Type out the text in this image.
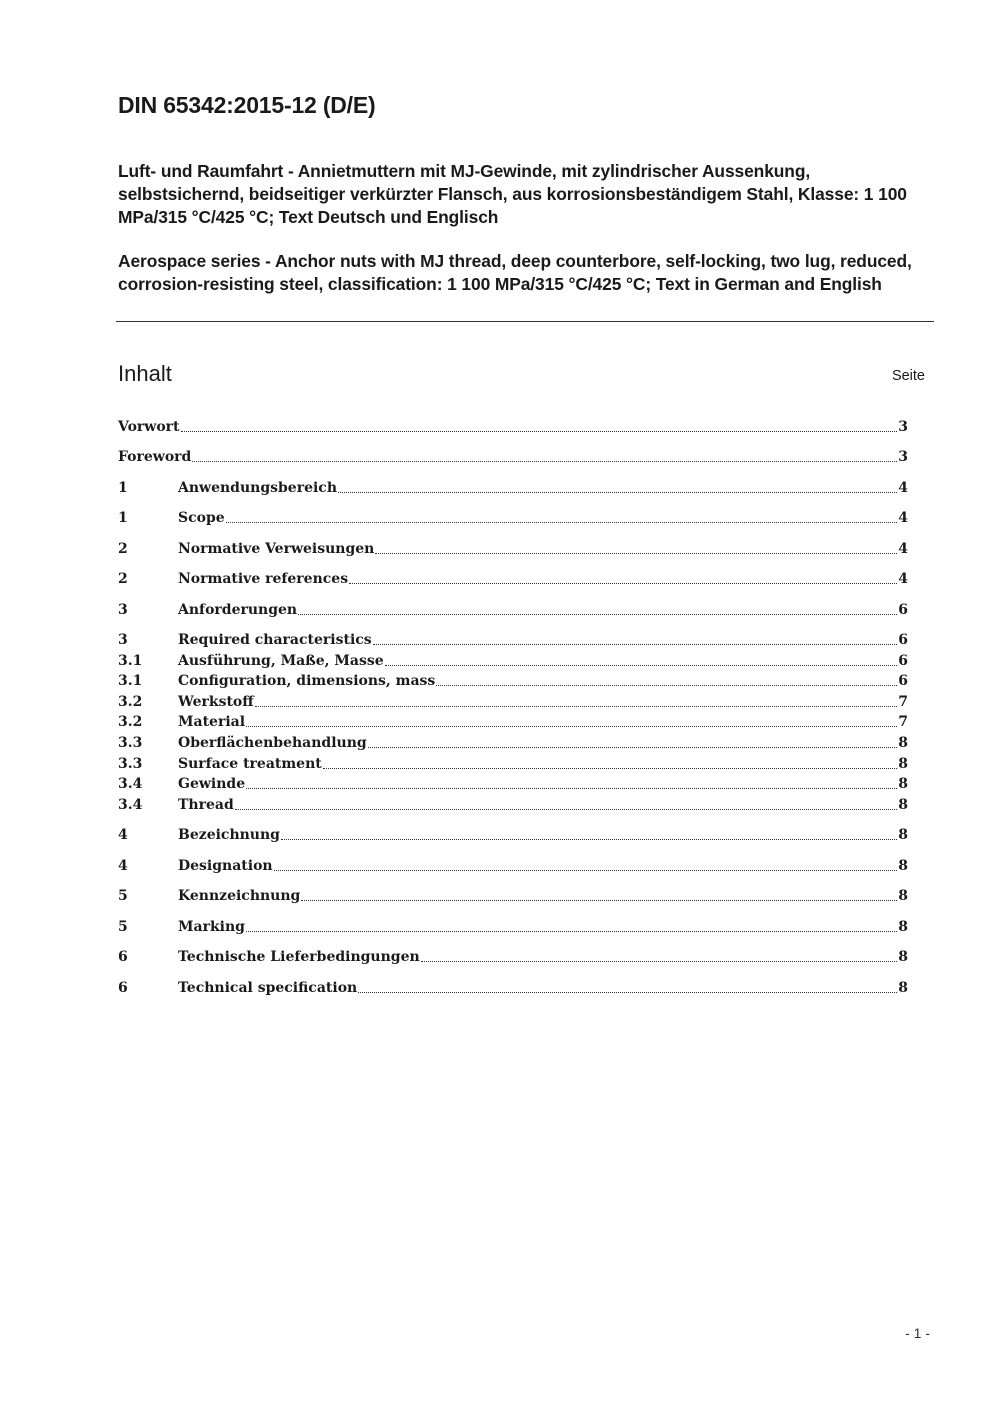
DIN 65342:2015-12 (D/E)
Luft- und Raumfahrt - Annietmuttern mit MJ-Gewinde, mit zylindrischer Aussenkung, selbstsichernd, beidseitiger verkürzter Flansch, aus korrosionsbeständigem Stahl, Klasse: 1 100 MPa/315 °C/425 °C; Text Deutsch und Englisch
Aerospace series - Anchor nuts with MJ thread, deep counterbore, self-locking, two lug, reduced, corrosion-resisting steel, classification: 1 100 MPa/315 °C/425 °C; Text in German and English
Inhalt	Seite
Vorwort	3
Foreword	3
1	Anwendungsbereich	4
1	Scope	4
2	Normative Verweisungen	4
2	Normative references	4
3	Anforderungen	6
3	Required characteristics	6
3.1	Ausführung, Maße, Masse	6
3.1	Configuration, dimensions, mass	6
3.2	Werkstoff	7
3.2	Material	7
3.3	Oberflächenbehandlung	8
3.3	Surface treatment	8
3.4	Gewinde	8
3.4	Thread	8
4	Bezeichnung	8
4	Designation	8
5	Kennzeichnung	8
5	Marking	8
6	Technische Lieferbedingungen	8
6	Technical specification	8
- 1 -
